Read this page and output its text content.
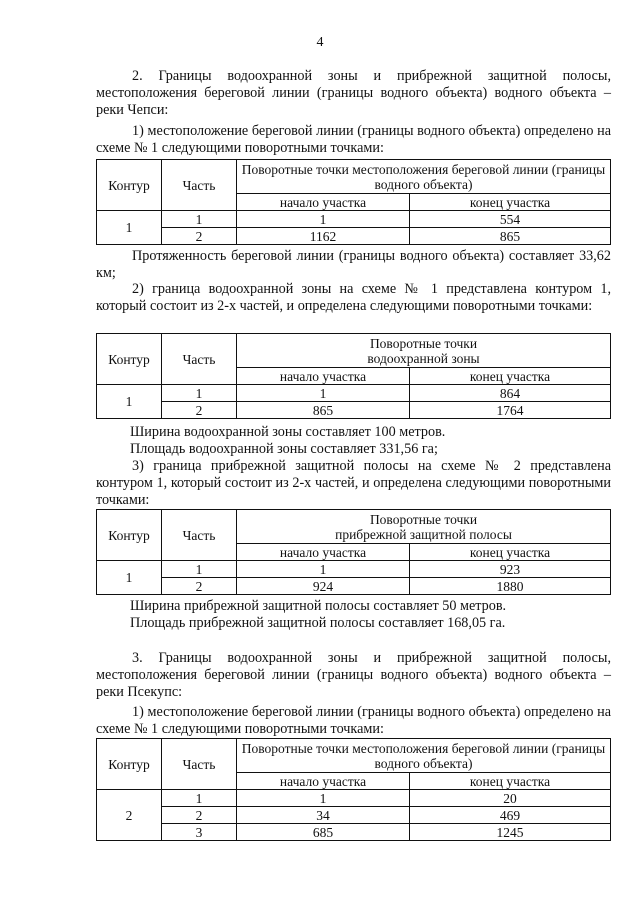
4
2. Границы водоохранной зоны и прибрежной защитной полосы, местоположения береговой линии (границы водного объекта) водного объекта – реки Чепси:
1) местоположение береговой линии (границы водного объекта) определено на схеме № 1 следующими поворотными точками:
Контур	Часть	Поворотные точки местоположения береговой линии (границы водного объекта)	
		начало участка	конец участка
1	1	1	554
	2	1162	865
Протяженность береговой линии (границы водного объекта) составляет 33,62 км;
2) граница водоохранной зоны на схеме № 1 представлена контуром 1, который состоит из 2-х частей, и определена следующими поворотными точками:
Контур	Часть	Поворотные точки
водоохранной зоны	

		начало участка	конец участка
1	1	1	864
	2	865	1764
Ширина водоохранной зоны составляет 100 метров.
Площадь водоохранной зоны составляет 331,56 га;
3) граница прибрежной защитной полосы на схеме № 2 представлена контуром 1, который состоит из 2-х частей, и определена следующими поворотными точками:
Контур	Часть	Поворотные точки
прибрежной защитной полосы	

		начало участка	конец участка
1	1	1	923
	2	924	1880
Ширина прибрежной защитной полосы составляет 50 метров.
Площадь прибрежной защитной полосы составляет 168,05 га.
3. Границы водоохранной зоны и прибрежной защитной полосы, местоположения береговой линии (границы водного объекта) водного объекта – реки Псекупс:
1) местоположение береговой линии (границы водного объекта) определено на схеме № 1 следующими поворотными точками:
Контур	Часть	Поворотные точки местоположения береговой линии (границы водного объекта)	
		начало участка	конец участка
2	1	1	20
	2	34	469
	3	685	1245
